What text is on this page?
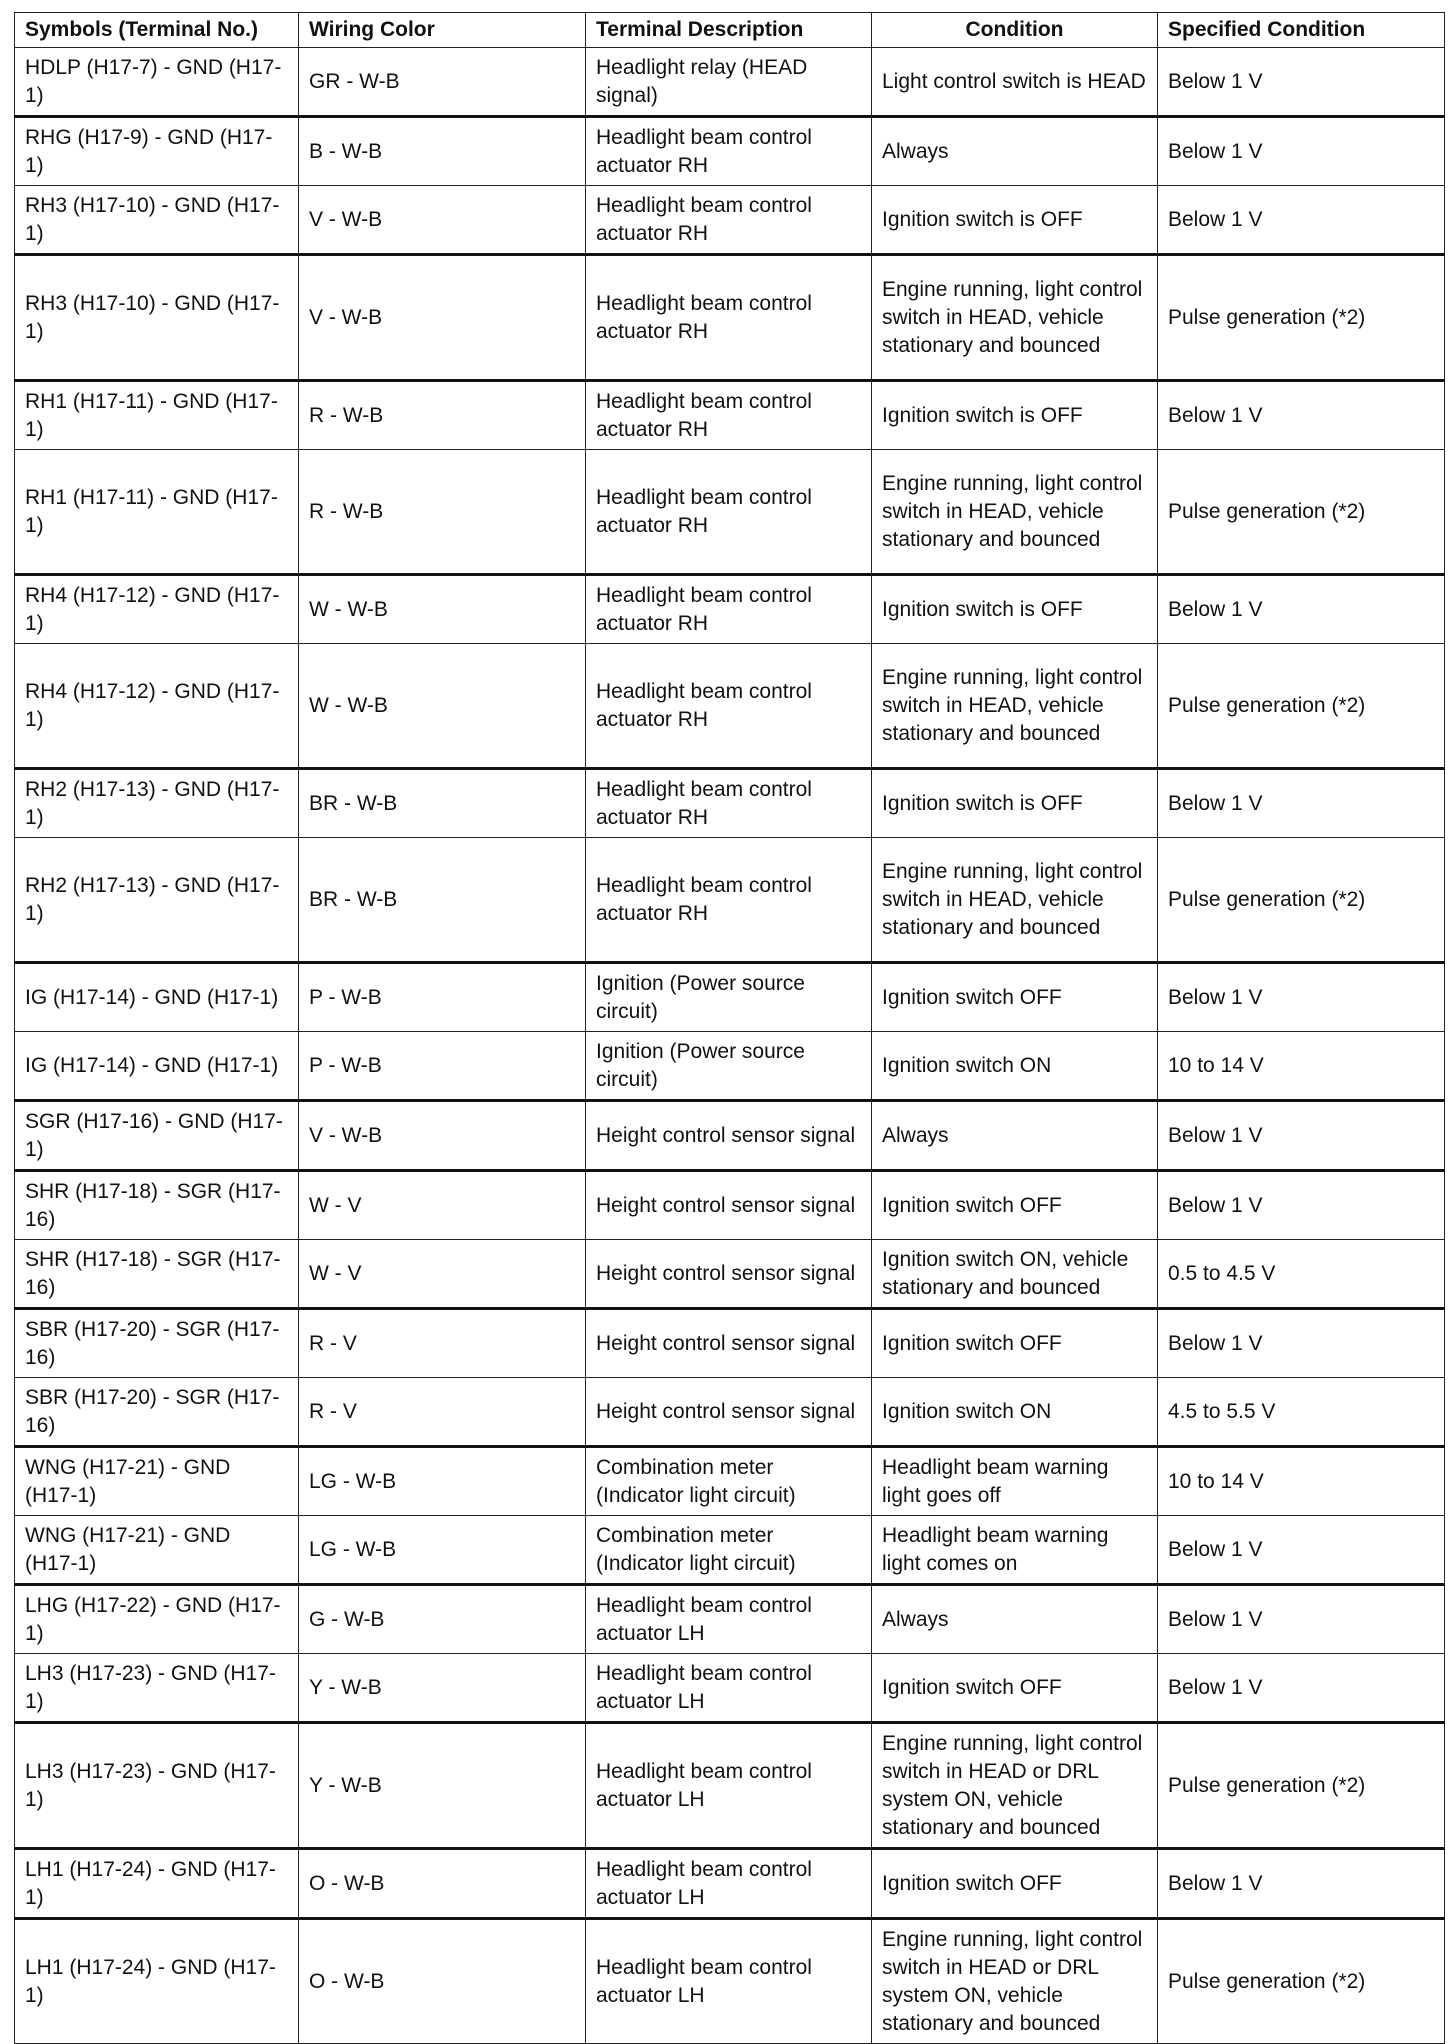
Symbols (Terminal No.)	Wiring Color	Terminal Description	Condition	Specified Condition
HDLP (H17-7) - GND (H17-1)	GR - W-B	Headlight relay (HEAD signal)	Light control switch is HEAD	Below 1 V
RHG (H17-9) - GND (H17-1)	B - W-B	Headlight beam control actuator RH	Always	Below 1 V
RH3 (H17-10) - GND (H17-1)	V - W-B	Headlight beam control actuator RH	Ignition switch is OFF	Below 1 V
RH3 (H17-10) - GND (H17-1)	V - W-B	Headlight beam control actuator RH	Engine running, light control switch in HEAD, vehicle stationary and bounced	Pulse generation (*2)
RH1 (H17-11) - GND (H17-1)	R - W-B	Headlight beam control actuator RH	Ignition switch is OFF	Below 1 V
RH1 (H17-11) - GND (H17-1)	R - W-B	Headlight beam control actuator RH	Engine running, light control switch in HEAD, vehicle stationary and bounced	Pulse generation (*2)
RH4 (H17-12) - GND (H17-1)	W - W-B	Headlight beam control actuator RH	Ignition switch is OFF	Below 1 V
RH4 (H17-12) - GND (H17-1)	W - W-B	Headlight beam control actuator RH	Engine running, light control switch in HEAD, vehicle stationary and bounced	Pulse generation (*2)
RH2 (H17-13) - GND (H17-1)	BR - W-B	Headlight beam control actuator RH	Ignition switch is OFF	Below 1 V
RH2 (H17-13) - GND (H17-1)	BR - W-B	Headlight beam control actuator RH	Engine running, light control switch in HEAD, vehicle stationary and bounced	Pulse generation (*2)
IG (H17-14) - GND (H17-1)	P - W-B	Ignition (Power source circuit)	Ignition switch OFF	Below 1 V
IG (H17-14) - GND (H17-1)	P - W-B	Ignition (Power source circuit)	Ignition switch ON	10 to 14 V
SGR (H17-16) - GND (H17-1)	V - W-B	Height control sensor signal	Always	Below 1 V
SHR (H17-18) - SGR (H17-16)	W - V	Height control sensor signal	Ignition switch OFF	Below 1 V
SHR (H17-18) - SGR (H17-16)	W - V	Height control sensor signal	Ignition switch ON, vehicle stationary and bounced	0.5 to 4.5 V
SBR (H17-20) - SGR (H17-16)	R - V	Height control sensor signal	Ignition switch OFF	Below 1 V
SBR (H17-20) - SGR (H17-16)	R - V	Height control sensor signal	Ignition switch ON	4.5 to 5.5 V
WNG (H17-21) - GND (H17-1)	LG - W-B	Combination meter (Indicator light circuit)	Headlight beam warning light goes off	10 to 14 V
WNG (H17-21) - GND (H17-1)	LG - W-B	Combination meter (Indicator light circuit)	Headlight beam warning light comes on	Below 1 V
LHG (H17-22) - GND (H17-1)	G - W-B	Headlight beam control actuator LH	Always	Below 1 V
LH3 (H17-23) - GND (H17-1)	Y - W-B	Headlight beam control actuator LH	Ignition switch OFF	Below 1 V
LH3 (H17-23) - GND (H17-1)	Y - W-B	Headlight beam control actuator LH	Engine running, light control switch in HEAD or DRL system ON, vehicle stationary and bounced	Pulse generation (*2)
LH1 (H17-24) - GND (H17-1)	O - W-B	Headlight beam control actuator LH	Ignition switch OFF	Below 1 V
LH1 (H17-24) - GND (H17-1)	O - W-B	Headlight beam control actuator LH	Engine running, light control switch in HEAD or DRL system ON, vehicle stationary and bounced	Pulse generation (*2)
